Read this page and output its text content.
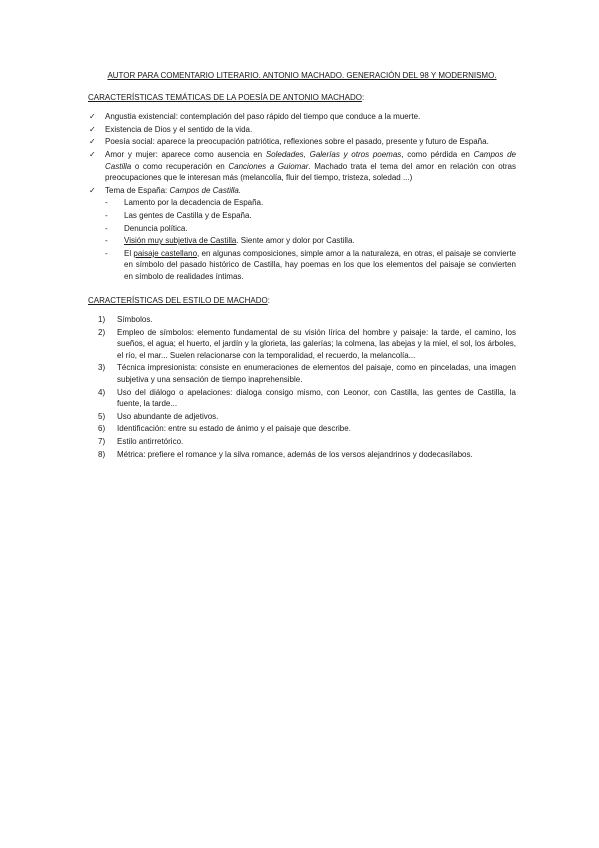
AUTOR PARA COMENTARIO LITERARIO. ANTONIO MACHADO. GENERACIÓN DEL 98 Y MODERNISMO.

CARACTERÍSTICAS TEMÁTICAS DE LA POESÍA DE ANTONIO MACHADO:

✓ Angustia existencial: contemplación del paso rápido del tiempo que conduce a la muerte.
✓ Existencia de Dios y el sentido de la vida.
✓ Poesía social: aparece la preocupación patriótica, reflexiones sobre el pasado, presente y futuro de España.
✓ Amor y mujer: aparece como ausencia en Soledades, Galerías y otros poemas, como pérdida en Campos de Castilla o como recuperación en Canciones a Guiomar. Machado trata el tema del amor en relación con otras preocupaciones que le interesan más (melancolía, fluir del tiempo, tristeza, soledad ...)
✓ Tema de España: Campos de Castilla.
- Lamento por la decadencia de España.
- Las gentes de Castilla y de España.
- Denuncia política.
- Visión muy subjetiva de Castilla. Siente amor y dolor por Castilla.
- El paisaje castellano, en algunas composiciones, simple amor a la naturaleza, en otras, el paisaje se convierte en símbolo del pasado histórico de Castilla, hay poemas en los que los elementos del paisaje se convierten en símbolo de realidades íntimas.

CARACTERÍSTICAS DEL ESTILO DE MACHADO:

1) Símbolos.
2) Empleo de símbolos: elemento fundamental de su visión lírica del hombre y paisaje: la tarde, el camino, los sueños, el agua; el huerto, el jardín y la glorieta, las galerías; la colmena, las abejas y la miel, el sol, los árboles, el río, el mar... Suelen relacionarse con la temporalidad, el recuerdo, la melancolía...
3) Técnica impresionista: consiste en enumeraciones de elementos del paisaje, como en pinceladas, una imagen subjetiva y una sensación de tiempo inaprehensible.
4) Uso del diálogo o apelaciones: dialoga consigo mismo, con Leonor, con Castilla, las gentes de Castilla, la fuente, la tarde...
5) Uso abundante de adjetivos.
6) Identificación: entre su estado de ánimo y el paisaje que describe.
7) Estilo antirretórico.
8) Métrica: prefiere el romance y la silva romance, además de los versos alejandrinos y dodecasílabos.
